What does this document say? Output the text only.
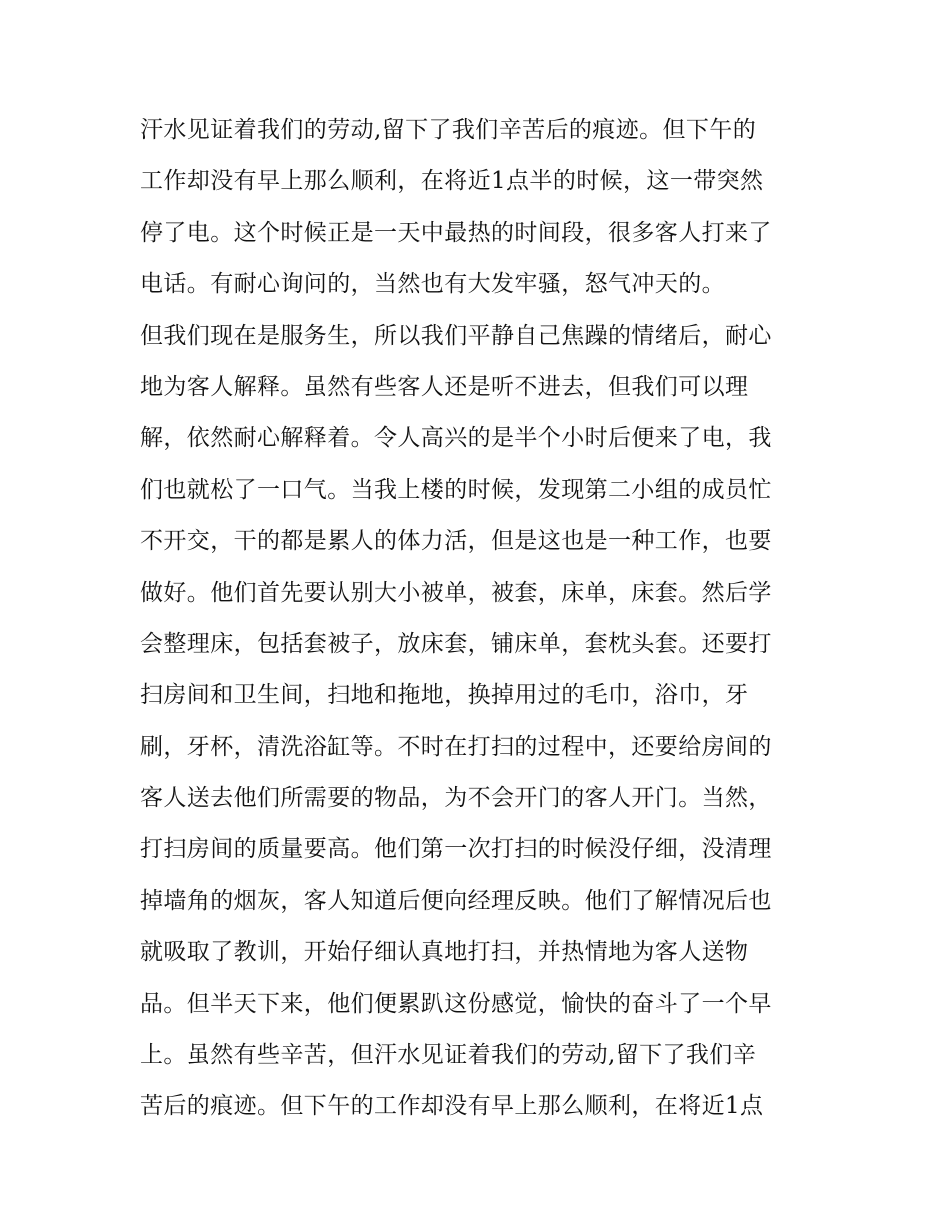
汗水见证着我们的劳动,留下了我们辛苦后的痕迹。但下午的
工作却没有早上那么顺利，在将近1点半的时候，这一带突然
停了电。这个时候正是一天中最热的时间段，很多客人打来了
电话。有耐心询问的，当然也有大发牢骚，怒气冲天的。
但我们现在是服务生，所以我们平静自己焦躁的情绪后，耐心
地为客人解释。虽然有些客人还是听不进去，但我们可以理
解，依然耐心解释着。令人高兴的是半个小时后便来了电，我
们也就松了一口气。当我上楼的时候，发现第二小组的成员忙
不开交，干的都是累人的体力活，但是这也是一种工作，也要
做好。他们首先要认别大小被单，被套，床单，床套。然后学
会整理床，包括套被子，放床套，铺床单，套枕头套。还要打
扫房间和卫生间，扫地和拖地，换掉用过的毛巾，浴巾，牙
刷，牙杯，清洗浴缸等。不时在打扫的过程中，还要给房间的
客人送去他们所需要的物品，为不会开门的客人开门。当然，
打扫房间的质量要高。他们第一次打扫的时候没仔细，没清理
掉墙角的烟灰，客人知道后便向经理反映。他们了解情况后也
就吸取了教训，开始仔细认真地打扫，并热情地为客人送物
品。但半天下来，他们便累趴这份感觉，愉快的奋斗了一个早
上。虽然有些辛苦，但汗水见证着我们的劳动,留下了我们辛
苦后的痕迹。但下午的工作却没有早上那么顺利，在将近1点
